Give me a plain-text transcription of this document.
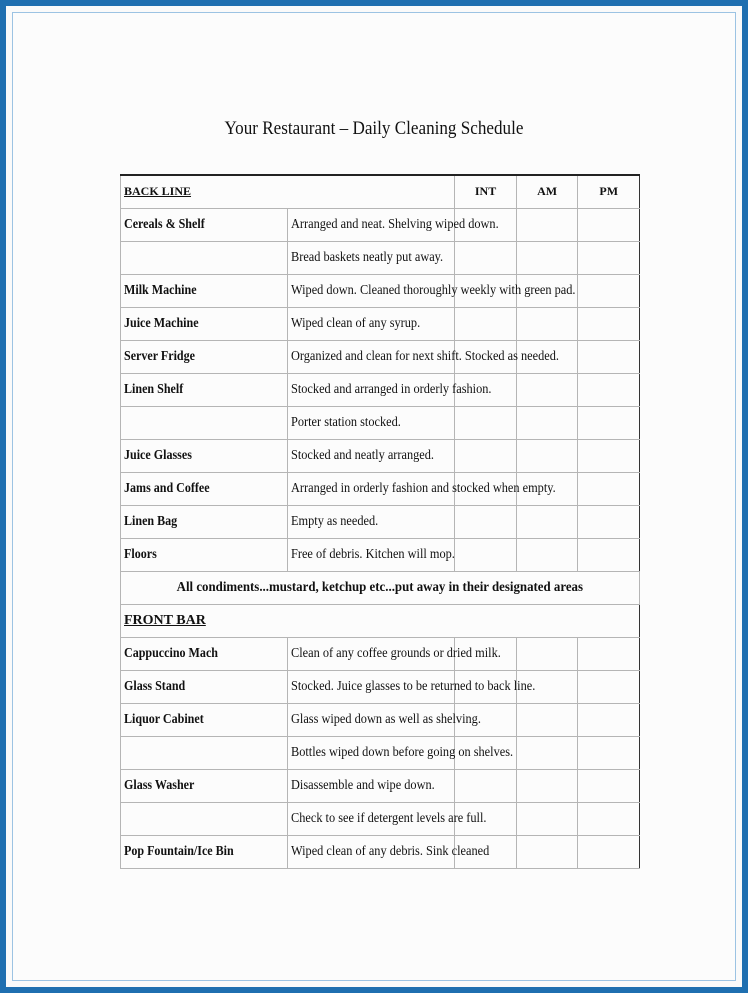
Your Restaurant – Daily Cleaning Schedule
BACK LINE		INT	AM	PM
Cereals & Shelf	Arranged and neat. Shelving wiped down.			
	Bread baskets neatly put away.			
Milk Machine	Wiped down. Cleaned thoroughly weekly with green pad.			
Juice Machine	Wiped clean of any syrup.			
Server Fridge	Organized and clean for next shift. Stocked as needed.			
Linen Shelf	Stocked and arranged in orderly fashion.			
	Porter station stocked.			
Juice Glasses	Stocked and neatly arranged.			
Jams and Coffee	Arranged in orderly fashion and stocked when empty.			
Linen Bag	Empty as needed.			
Floors	Free of debris. Kitchen will mop.			
All condiments...mustard, ketchup etc...put away in their designated areas				
FRONT BAR				
Cappuccino Mach	Clean of any coffee grounds or dried milk.			
Glass Stand	Stocked. Juice glasses to be returned to back line.			
Liquor Cabinet	Glass wiped down as well as shelving.			
	Bottles wiped down before going on shelves.			
Glass Washer	Disassemble and wipe down.			
	Check to see if detergent levels are full.			
Pop Fountain/Ice Bin	Wiped clean of any debris. Sink cleaned			
